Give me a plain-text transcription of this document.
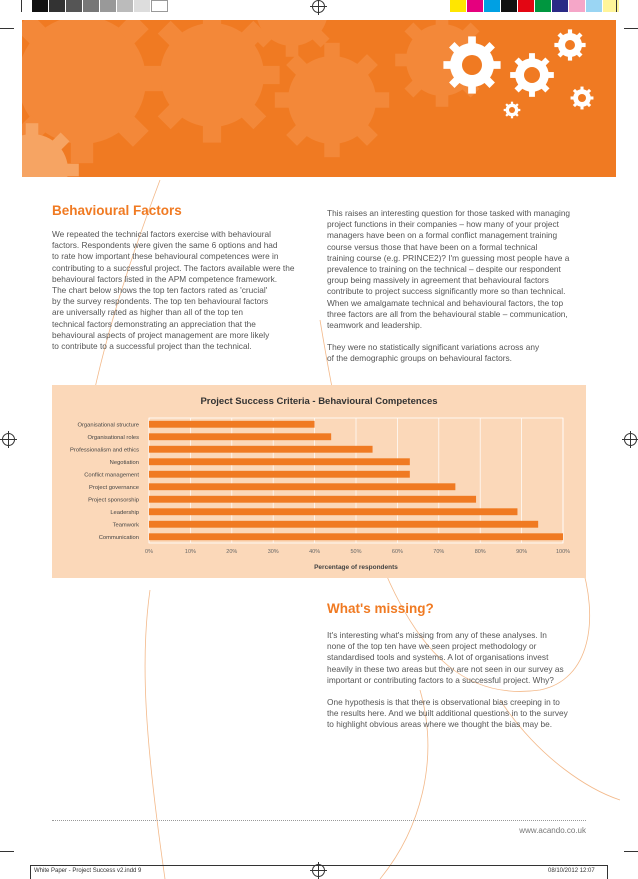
Behavioural Factors
We repeated the technical factors exercise with behavioural
factors. Respondents were given the same 6 options and had
to rate how important these behavioural competences were in
contributing to a successful project. The factors available were the
behavioural factors listed in the APM competence framework.
The chart below shows the top ten factors rated as 'crucial'
by the survey respondents. The top ten behavioural factors
are universally rated as higher than all of the top ten
technical factors demonstrating an appreciation that the
behavioural aspects of project management are more likely
to contribute to a successful project than the technical.
This raises an interesting question for those tasked with managing
project functions in their companies – how many of your project
managers have been on a formal conflict management training
course versus those that have been on a formal technical
training course (e.g. PRINCE2)? I'm guessing most people have a
prevalence to training on the technical – despite our respondent
group being massively in agreement that behavioural factors
contribute to project success significantly more so than technical.
When we amalgamate technical and behavioural factors, the top
three factors are all from the behavioural stable – communication,
teamwork and leadership.
They were no statistically significant variations across any
of the demographic groups on behavioural factors.
Project Success Criteria - Behavioural Competences
0%	10%	20%	30%	40%	50%	60%	70%	80%	90%	100%
Organisational structure
Organisational roles
Professionalism and ethics
Negotiation
Conflict management
Project governance
Project sponsorship
Leadership
Teamwork
Communication
Percentage of respondents
What's missing?
It's interesting what's missing from any of these analyses. In
none of the top ten have we seen project methodology or
standardised tools and systems. A lot of organisations invest
heavily in these two areas but they are not seen in our survey as
important or contributing factors to a successful project. Why?
One hypothesis is that there is observational bias creeping in to
the results here. And we built additional questions in to the survey
to highlight obvious areas where we thought the bias may be.
www.acando.co.uk
White Paper - Project Success v2.indd 9	08/10/2012 12:07
